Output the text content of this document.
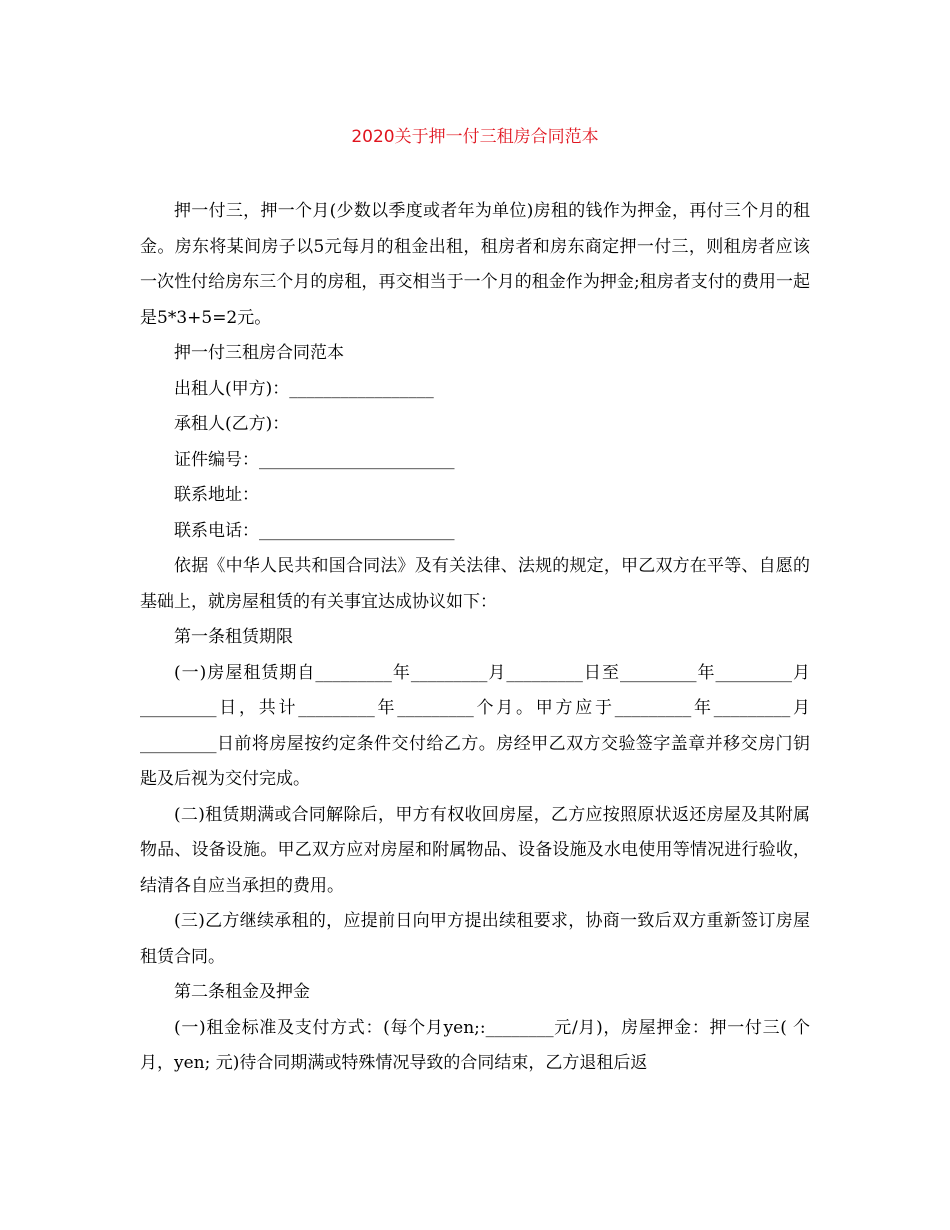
2020关于押一付三租房合同范本

押一付三，押一个月(少数以季度或者年为单位)房租的钱作为押金，再付三个月的租金。房东将某间房子以5元每月的租金出租，租房者和房东商定押一付三，则租房者应该一次性付给房东三个月的房租，再交相当于一个月的租金作为押金;租房者支付的费用一起是5*3+5=2元。

押一付三租房合同范本

出租人(甲方)：_________________

承租人(乙方)：

证件编号：_______________________

联系地址：

联系电话：_______________________

依据《中华人民共和国合同法》及有关法律、法规的规定，甲乙双方在平等、自愿的基础上，就房屋租赁的有关事宜达成协议如下：

第一条租赁期限

(一)房屋租赁期自_________年_________月_________日至_________年_________月_________日，共计_________年_________个月。甲方应于_________年_________月_________日前将房屋按约定条件交付给乙方。房经甲乙双方交验签字盖章并移交房门钥匙及后视为交付完成。

(二)租赁期满或合同解除后，甲方有权收回房屋，乙方应按照原状返还房屋及其附属物品、设备设施。甲乙双方应对房屋和附属物品、设备设施及水电使用等情况进行验收，结清各自应当承担的费用。

(三)乙方继续承租的，应提前日向甲方提出续租要求，协商一致后双方重新签订房屋租赁合同。

第二条租金及押金

(一)租金标准及支付方式：(每个月yen;:________元/月)，房屋押金：押一付三( 个月，yen; 元)待合同期满或特殊情况导致的合同结束，乙方退租后返
